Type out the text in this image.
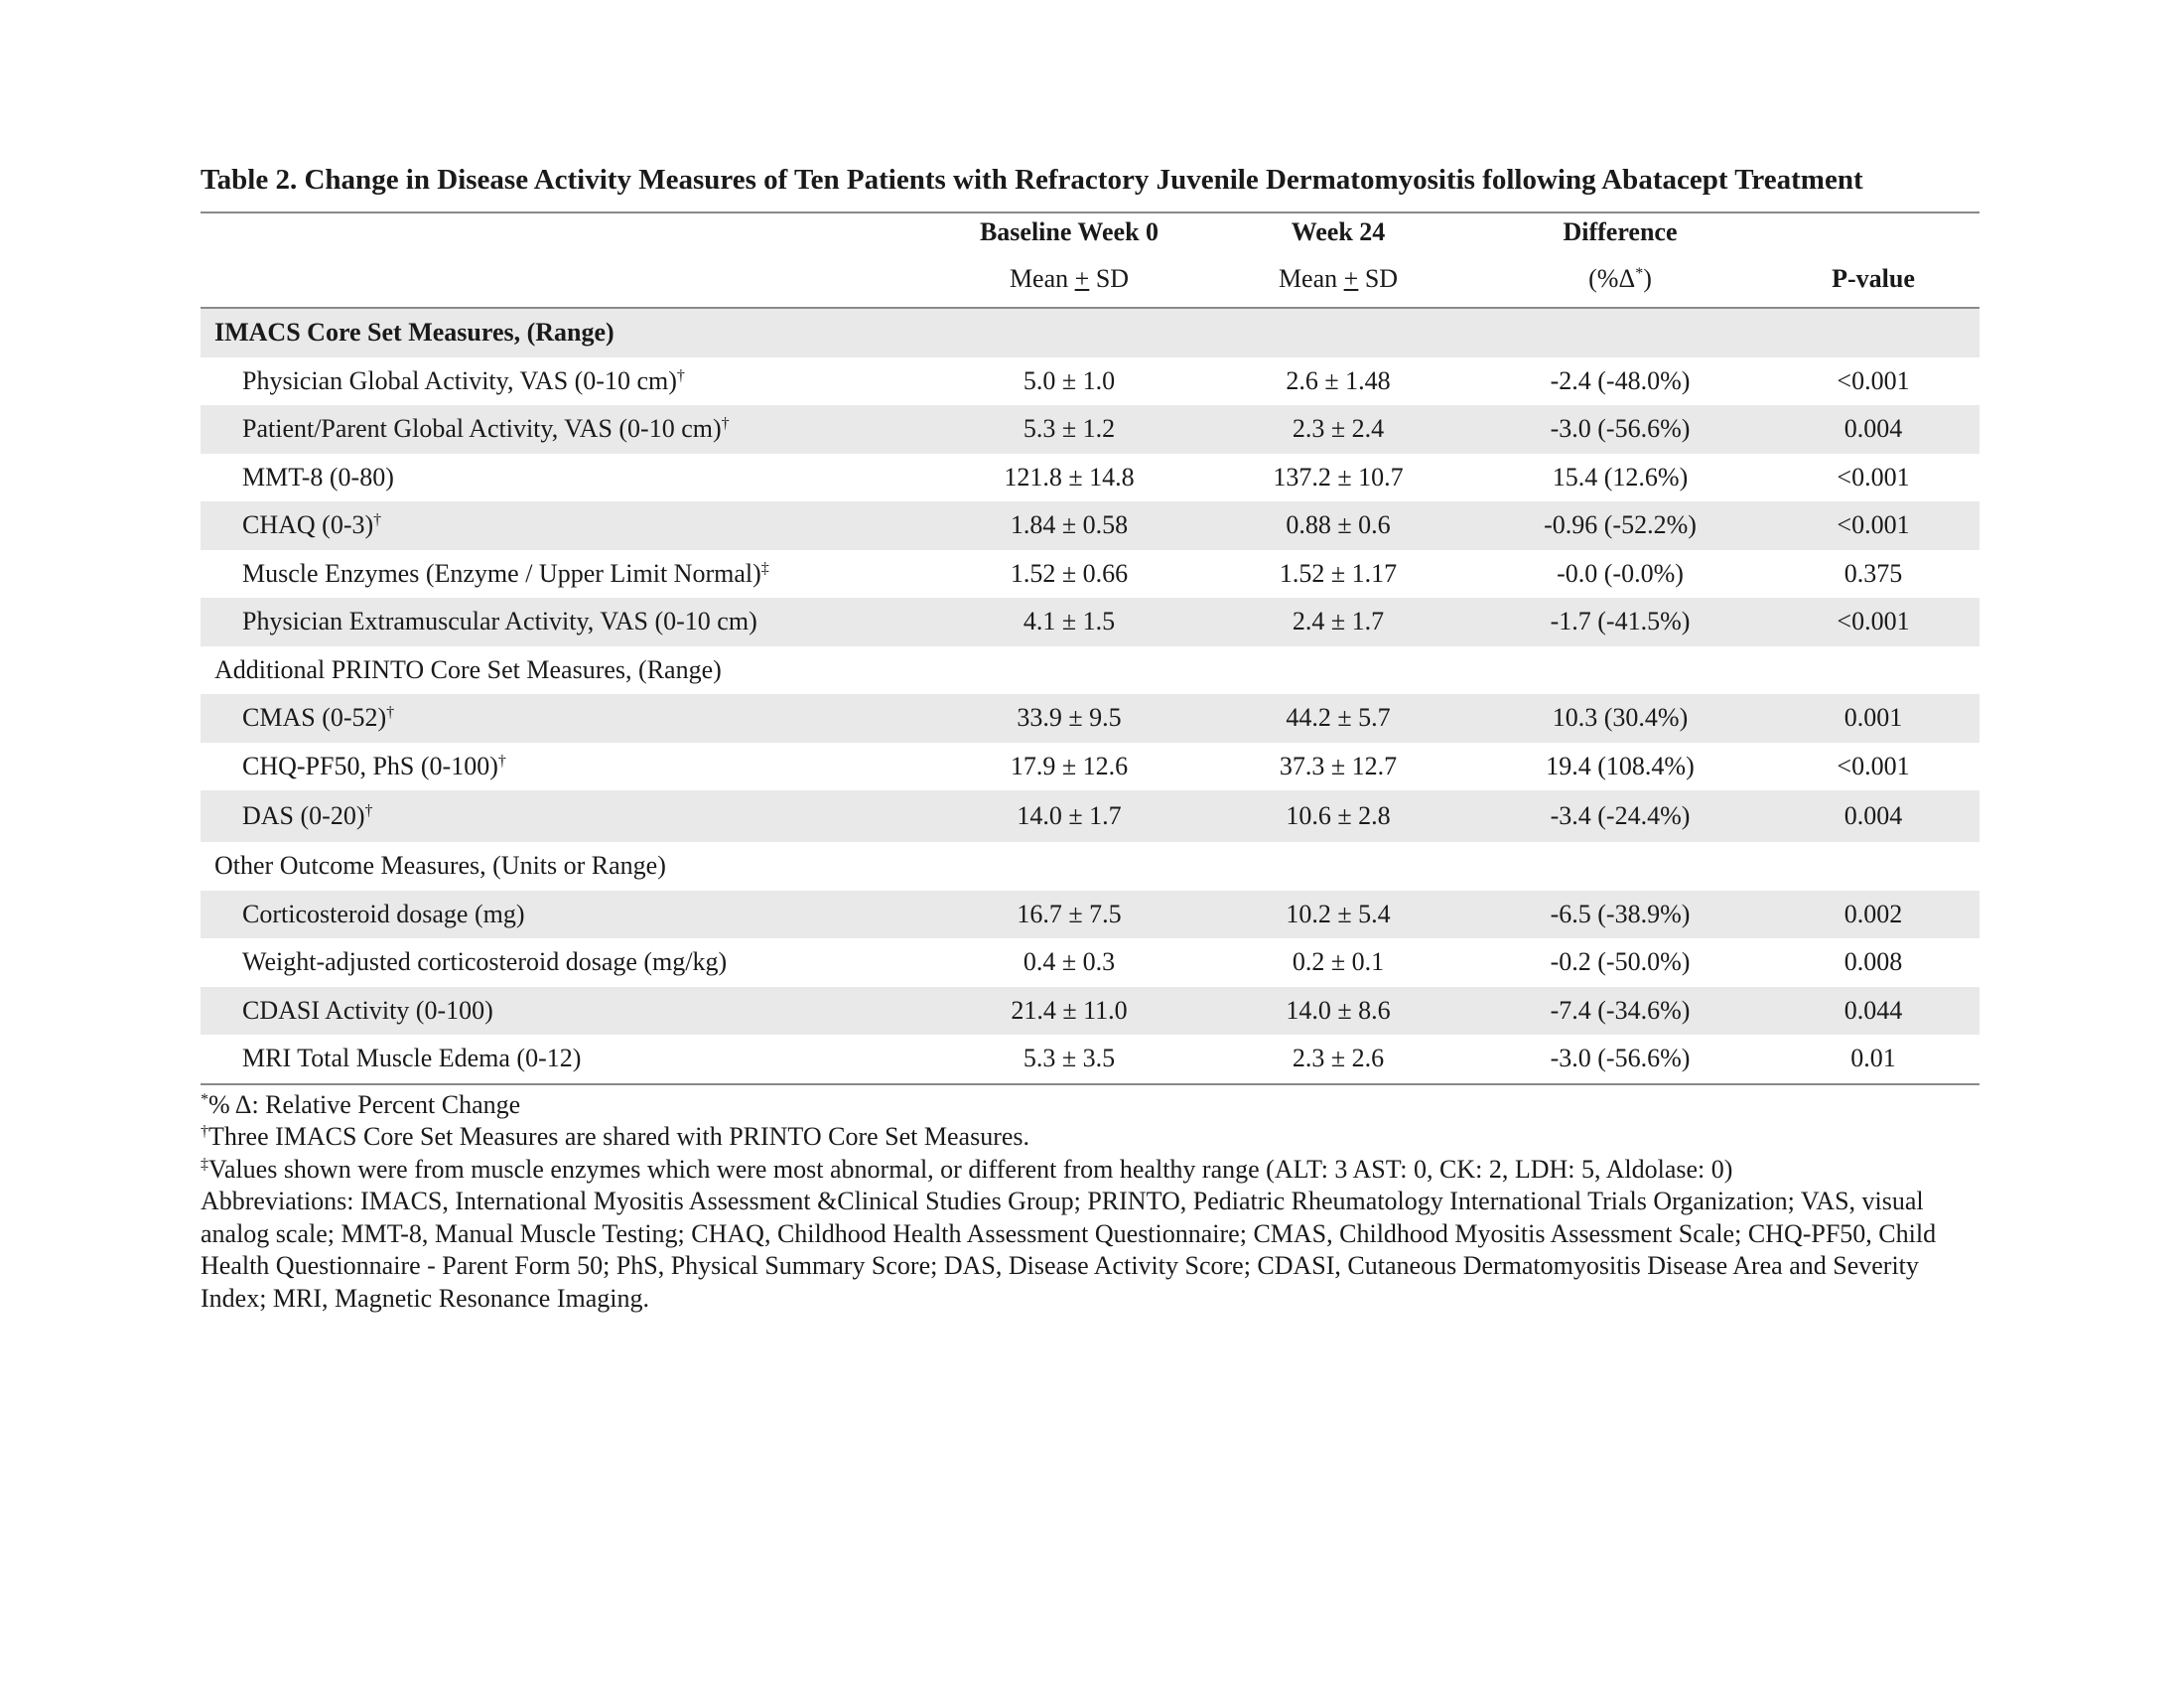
Table 2. Change in Disease Activity Measures of Ten Patients with Refractory Juvenile Dermatomyositis following Abatacept Treatment
	Baseline Week 0	Week 24	Difference	
	Mean + SD	Mean + SD	(%Δ*)	P-value

IMACS Core Set Measures, (Range)				
Physician Global Activity, VAS (0-10 cm)†	5.0 ± 1.0	2.6 ± 1.48	-2.4 (-48.0%)	<0.001
Patient/Parent Global Activity, VAS (0-10 cm)†	5.3 ± 1.2	2.3 ± 2.4	-3.0 (-56.6%)	0.004
MMT-8 (0-80)	121.8 ± 14.8	137.2 ± 10.7	15.4 (12.6%)	<0.001
CHAQ (0-3)†	1.84 ± 0.58	0.88 ± 0.6	-0.96 (-52.2%)	<0.001
Muscle Enzymes (Enzyme / Upper Limit Normal)‡	1.52 ± 0.66	1.52 ± 1.17	-0.0 (-0.0%)	0.375
Physician Extramuscular Activity, VAS (0-10 cm)	4.1 ± 1.5	2.4 ± 1.7	-1.7 (-41.5%)	<0.001
Additional PRINTO Core Set Measures, (Range)				
CMAS (0-52)†	33.9 ± 9.5	44.2 ± 5.7	10.3 (30.4%)	0.001
CHQ-PF50, PhS (0-100)†	17.9 ± 12.6	37.3 ± 12.7	19.4 (108.4%)	<0.001
DAS (0-20)†	14.0 ± 1.7	10.6 ± 2.8	-3.4 (-24.4%)	0.004
Other Outcome Measures, (Units or Range)				
Corticosteroid dosage (mg)	16.7 ± 7.5	10.2 ± 5.4	-6.5 (-38.9%)	0.002
Weight-adjusted corticosteroid dosage (mg/kg)	0.4 ± 0.3	0.2 ± 0.1	-0.2 (-50.0%)	0.008
CDASI Activity (0-100)	21.4 ± 11.0	14.0 ± 8.6	-7.4 (-34.6%)	0.044
MRI Total Muscle Edema (0-12)	5.3 ± 3.5	2.3 ± 2.6	-3.0 (-56.6%)	0.01

*% Δ: Relative Percent Change

†Three IMACS Core Set Measures are shared with PRINTO Core Set Measures.

‡Values shown were from muscle enzymes which were most abnormal, or different from healthy range (ALT: 3 AST: 0, CK: 2, LDH: 5, Aldolase: 0)

Abbreviations: IMACS, International Myositis Assessment &Clinical Studies Group; PRINTO, Pediatric Rheumatology International Trials Organization; VAS, visual analog scale; MMT-8, Manual Muscle Testing; CHAQ, Childhood Health Assessment Questionnaire; CMAS, Childhood Myositis Assessment Scale; CHQ-PF50, Child Health Questionnaire - Parent Form 50; PhS, Physical Summary Score; DAS, Disease Activity Score; CDASI, Cutaneous Dermatomyositis Disease Area and Severity Index; MRI, Magnetic Resonance Imaging.
